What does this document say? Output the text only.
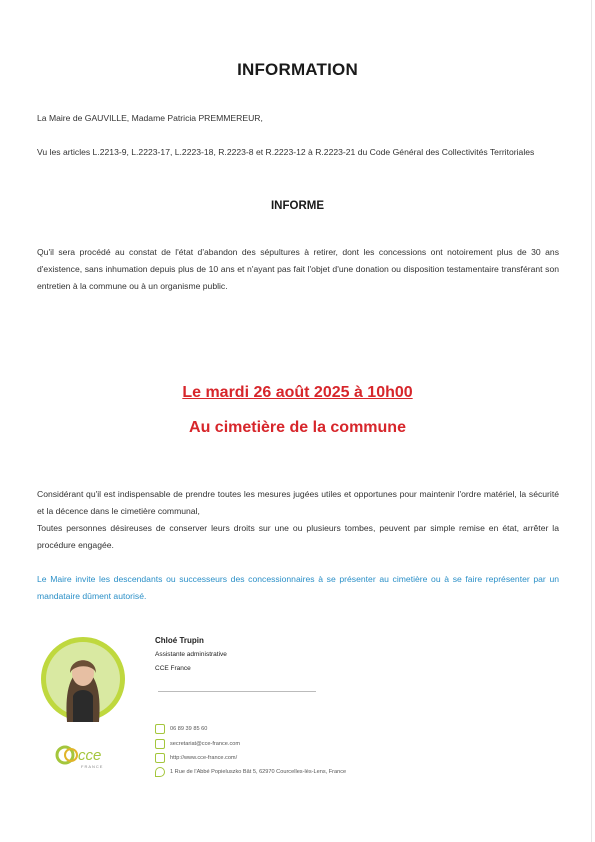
INFORMATION
La Maire de GAUVILLE, Madame Patricia PREMMEREUR,
Vu les articles L.2213-9, L.2223-17, L.2223-18, R.2223-8 et R.2223-12 à R.2223-21 du Code Général des Collectivités Territoriales
INFORME
Qu'il sera procédé au constat de l'état d'abandon des sépultures à retirer, dont les concessions ont notoirement plus de 30 ans d'existence, sans inhumation depuis plus de 10 ans et n'ayant pas fait l'objet d'une donation ou disposition testamentaire transférant son entretien à la commune ou à un organisme public.
Le mardi 26 août 2025 à 10h00
Au cimetière de la commune
Considérant qu'il est indispensable de prendre toutes les mesures jugées utiles et opportunes pour maintenir l'ordre matériel, la sécurité et la décence dans le cimetière communal,
Toutes personnes désireuses de conserver leurs droits sur une ou plusieurs tombes, peuvent par simple remise en état, arrêter la procédure engagée.
Le Maire invite les descendants ou successeurs des concessionnaires à se présenter au cimetière ou à se faire représenter par un mandataire dûment autorisé.
cce
FRANCE
Chloé Trupin
Assistante administrative
CCE France
06 89 39 85 60
secretariat@cce-france.com
http://www.cce-france.com/
1 Rue de l'Abbé Popieluszko Bât 5, 62970 Courcelles-lès-Lens, France
